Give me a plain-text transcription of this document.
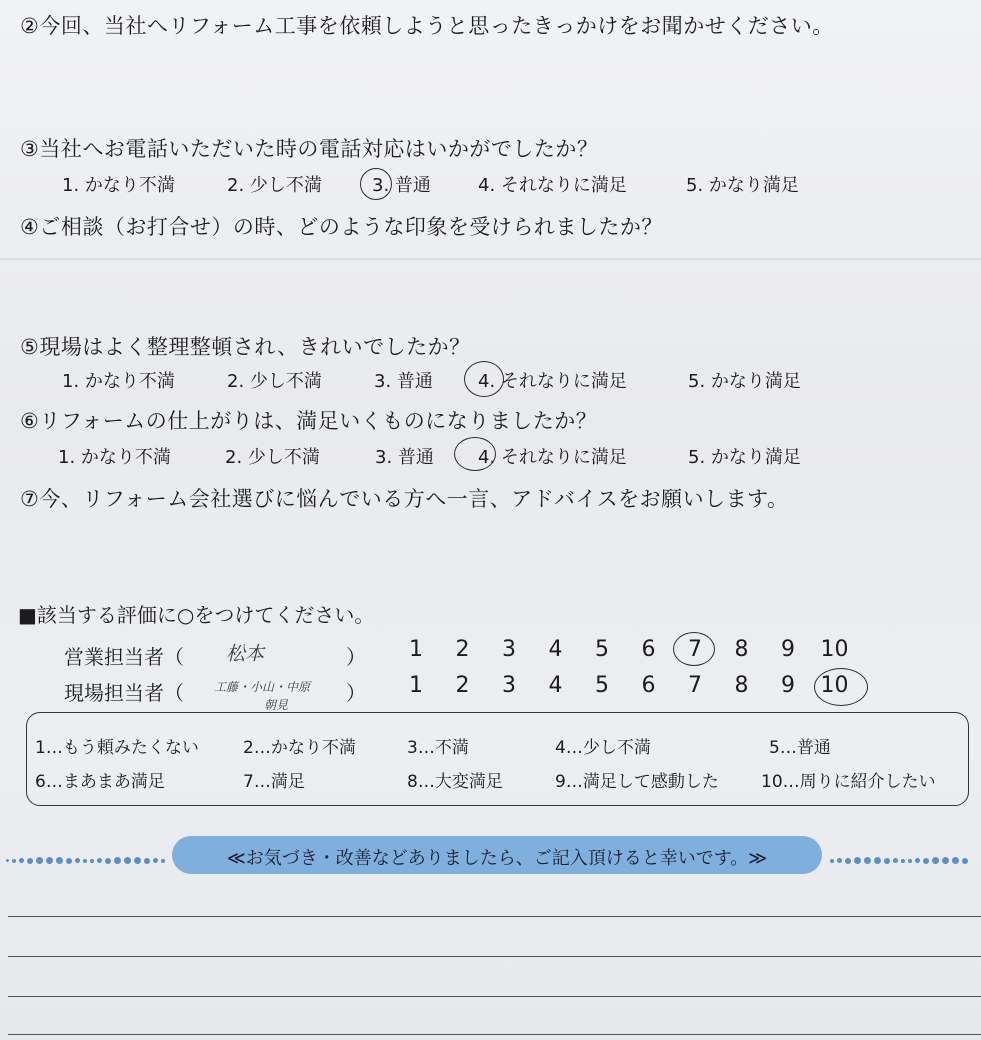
②今回、当社へリフォーム工事を依頼しようと思ったきっかけをお聞かせください。
③当社へお電話いただいた時の電話対応はいかがでしたか？
1. かなり不満	2. 少し不満	3. 普通	4. それなりに満足	5. かなり満足
④ご相談（お打合せ）の時、どのような印象を受けられましたか？
⑤現場はよく整理整頓され、きれいでしたか？
1. かなり不満	2. 少し不満	3. 普通	4. それなりに満足	5. かなり満足
⑥リフォームの仕上がりは、満足いくものになりましたか？
1. かなり不満	2. 少し不満	3. 普通 4. それなりに満足	5. かなり満足
⑦今、リフォーム会社選びに悩んでいる方へ一言、アドバイスをお願いします。
■該当する評価に○をつけてください。
営業担当者（ 松本	）	1	2	3	4	5	6	7	8	9	10
現場担当者（	工藤・小山・中原
朝見	）	1	2	3	4	5	6	7	8	9	10
1…もう頼みたくない	2…かなり不満	3…不満	4…少し不満	5…普通
6…まあまあ満足	7…満足	8…大変満足	9…満足して感動した 10…周りに紹介したい
≪お気づき・改善などありましたら、ご記入頂けると幸いです。≫
